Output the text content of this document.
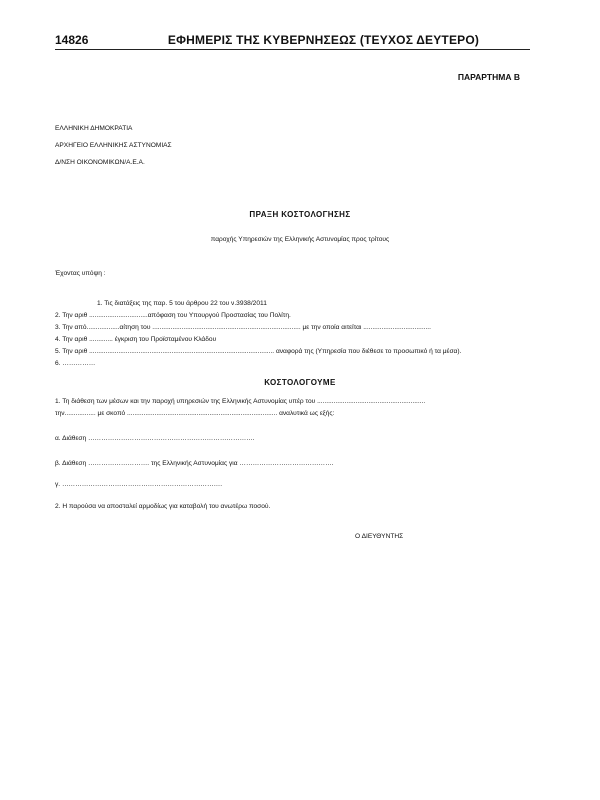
14826	ΕΦΗΜΕΡΙΣ ΤΗΣ ΚΥΒΕΡΝΗΣΕΩΣ (ΤΕΥΧΟΣ ΔΕΥΤΕΡΟ)
ΠΑΡΑΡΤΗΜΑ Β
ΕΛΛΗΝΙΚΗ ΔΗΜΟΚΡΑΤΙΑ
ΑΡΧΗΓΕΙΟ ΕΛΛΗΝΙΚΗΣ ΑΣΤΥΝΟΜΙΑΣ
Δ/ΝΣΗ ΟΙΚΟΝΟΜΙΚΩΝ/Α.Ε.Α.
ΠΡΑΞΗ ΚΟΣΤΟΛΟΓΗΣΗΣ
παροχής Υπηρεσιών της Ελληνικής Αστυνομίας προς τρίτους
Έχοντας υπόψη :
1. Τις διατάξεις της παρ. 5 του άρθρου 22 του ν.3938/2011
2. Την αριθ ................................απόφαση του Υπουργού Προστασίας του Πολίτη.
3. Την από..................αίτηση του ................................................................................. με την οποία αιτείται .....................................
4. Την αριθ ............. έγκριση του Προϊσταμένου Κλάδου
5. Την αριθ ..................................................................................................... αναφορά της (Υπηρεσία που διέθεσε το προσωπικό ή τα μέσα).
6. ……………
ΚΟΣΤΟΛΟΓΟΥΜΕ
1. Τη διάθεση των μέσων και την παροχή υπηρεσιών της Ελληνικής Αστυνομίας υπέρ του ...........................................................
την................. με σκοπό .................................................................................. αναλυτικά ως εξής:
α. Διάθεση ………………………………………………………………….
β. Διάθεση ………………………. της Ελληνικής Αστυνομίας για …………………………………….
γ. ……………………………………………………………….
2. Η παρούσα να αποσταλεί αρμοδίως για καταβολή του ανωτέρω ποσού.
Ο ΔΙΕΥΘΥΝΤΗΣ
